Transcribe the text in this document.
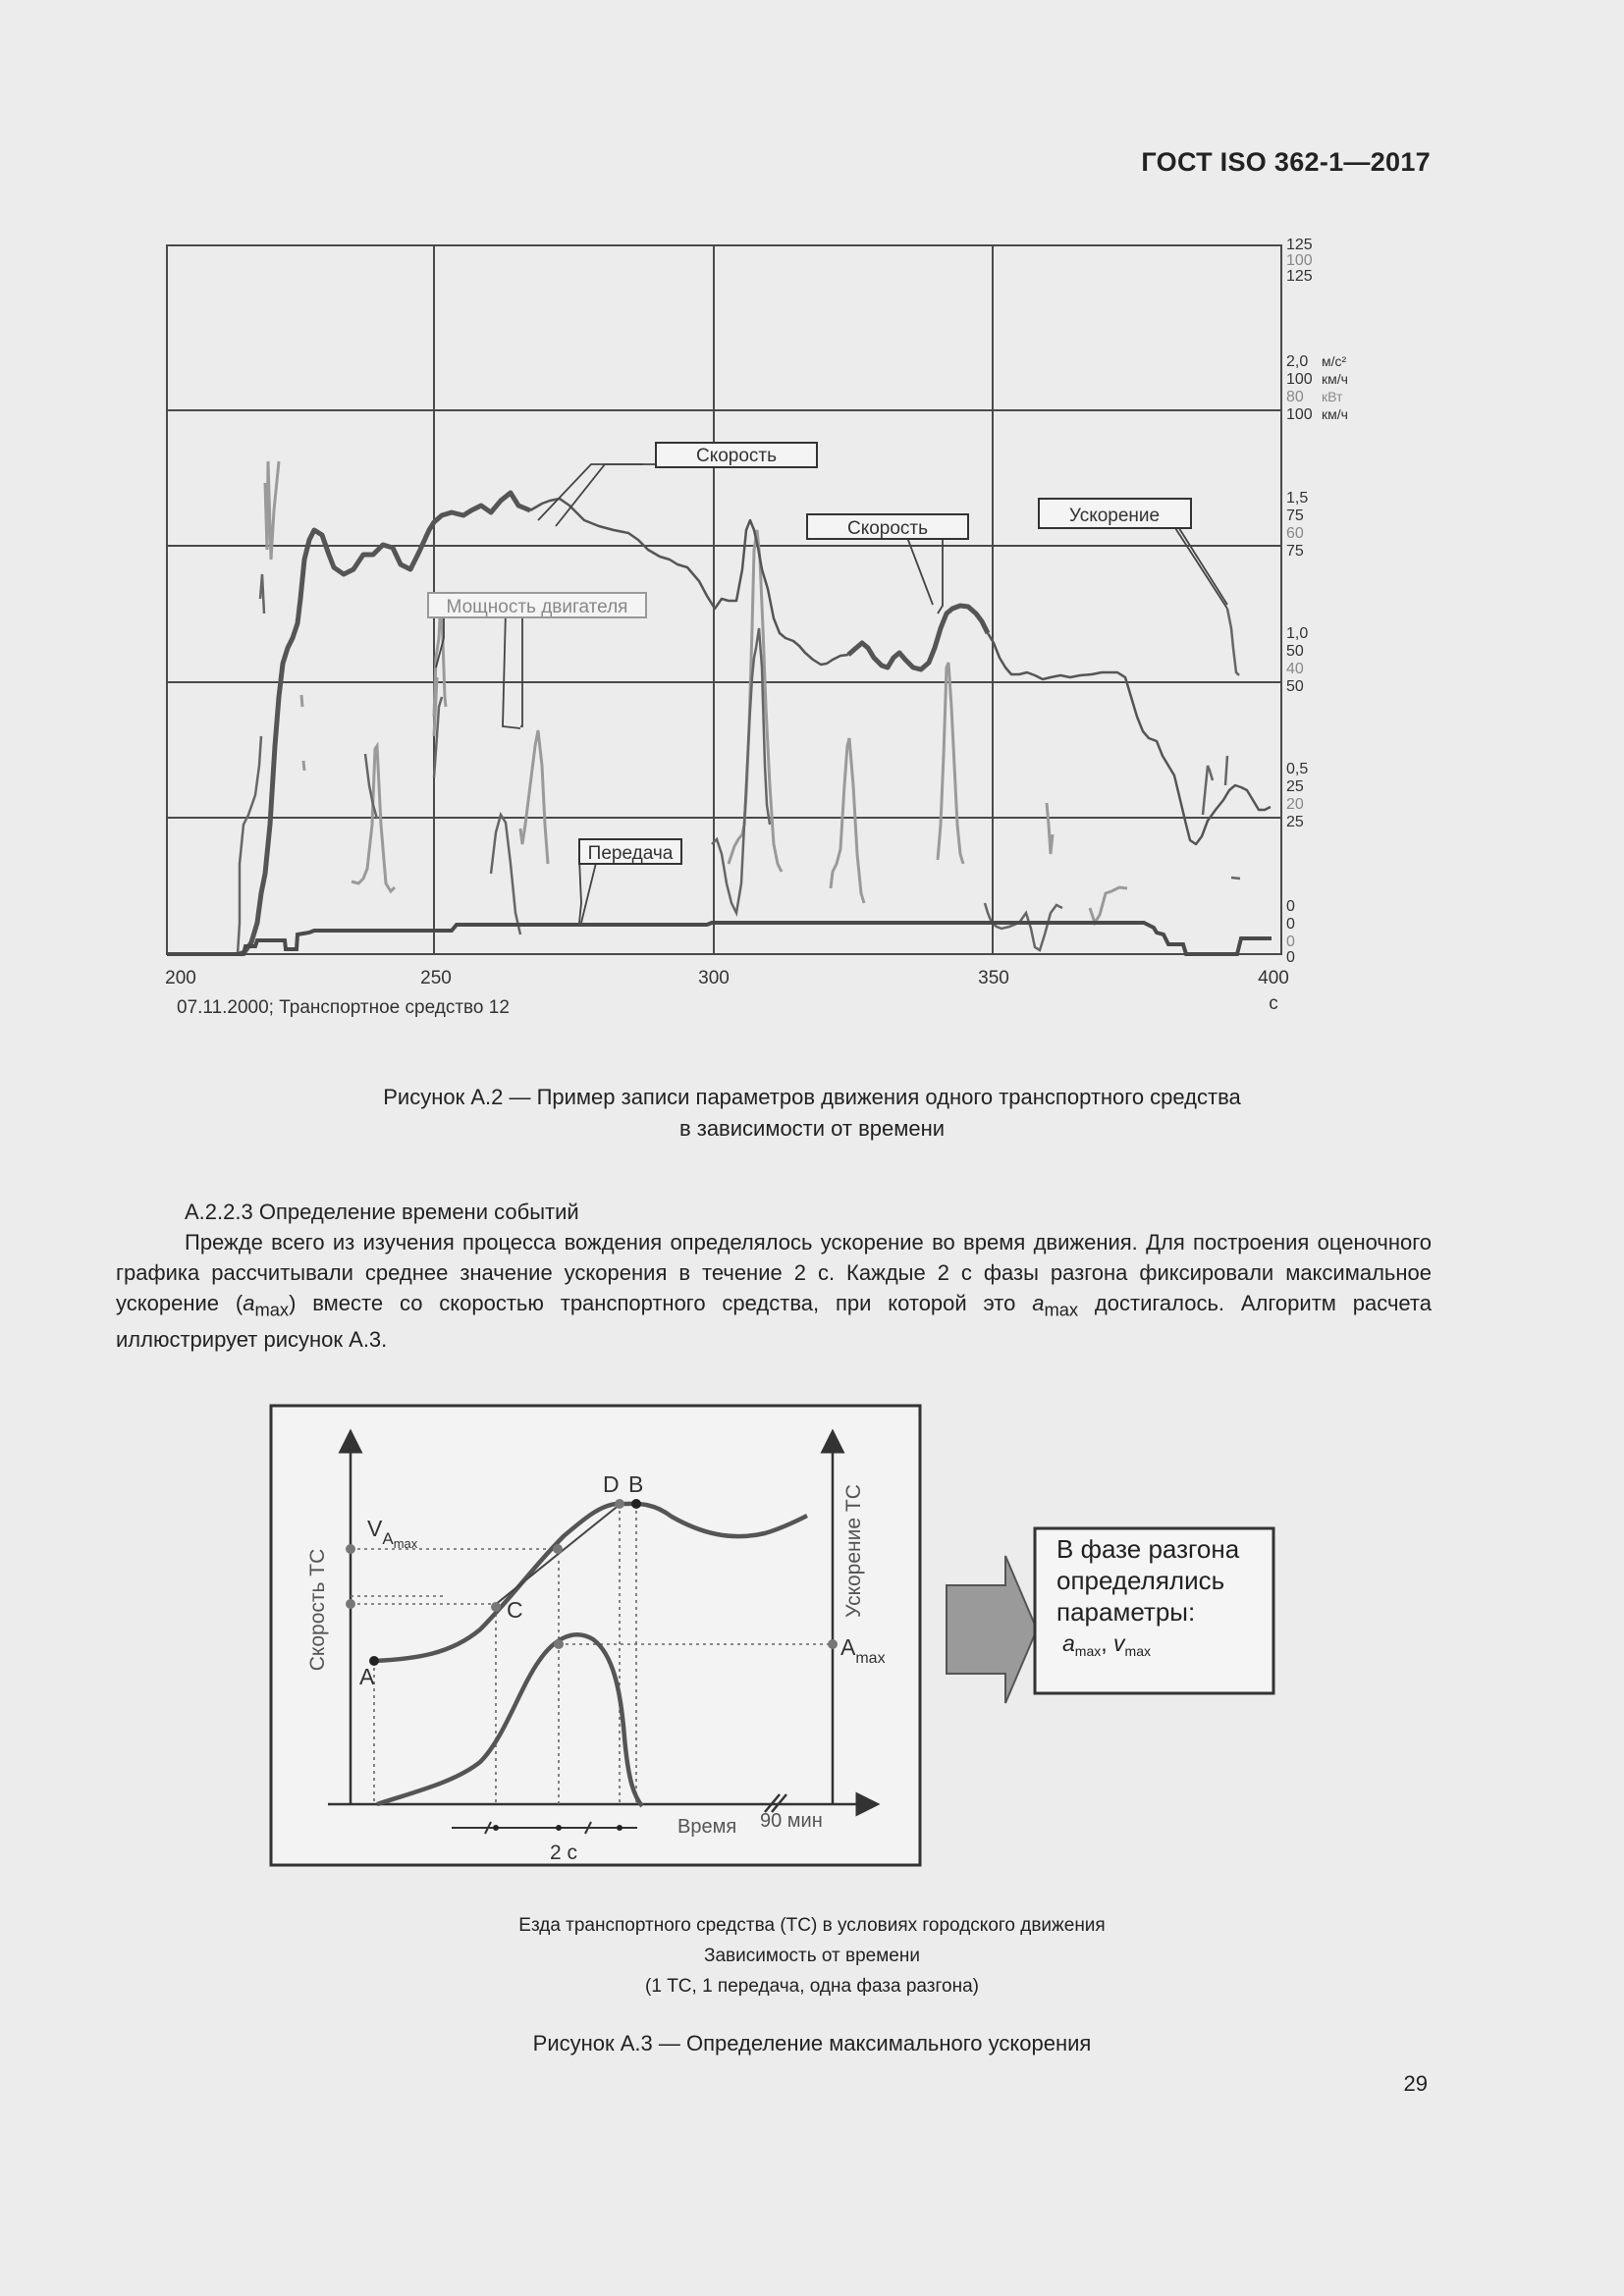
ГОСТ ISO 362-1—2017
125
100
125
2,0
100
80
100
м/с²
км/ч
кВт
км/ч
1,5
75
60
75
1,0
50
40
50
0,5
25
20
25
0
0
0
0
Скорость
Скорость
Ускорение
Мощность двигателя
Передача
200	250	300	350	400
с
07.11.2000; Транспортное средство 12
Рисунок А.2 — Пример записи параметров движения одного транспортного средства
в зависимости от времени
А.2.2.3 Определение времени событий
Прежде всего из изучения процесса вождения определялось ускорение во время движения. Для построения оценочного графика рассчитывали среднее значение ускорения в течение 2 с. Каждые 2 с фазы разгона фиксировали максимальное ускорение $(a_{max})$ вместе со скоростью транспортного средства, при которой это $a_{max}$ достигалось. Алгоритм расчета иллюстрирует рисунок А.3.
Скорость ТС	Ускорение ТС
A
C
D B
$V_A\max$
$A_{max}$
Время 90 мин
2 с
В фазе разгона
определялись
параметры:
$a_{max}$, $v_{max}$
Езда транспортного средства (ТС) в условиях городского движения
Зависимость от времени
(1 ТС, 1 передача, одна фаза разгона)
Рисунок А.3 — Определение максимального ускорения
29
